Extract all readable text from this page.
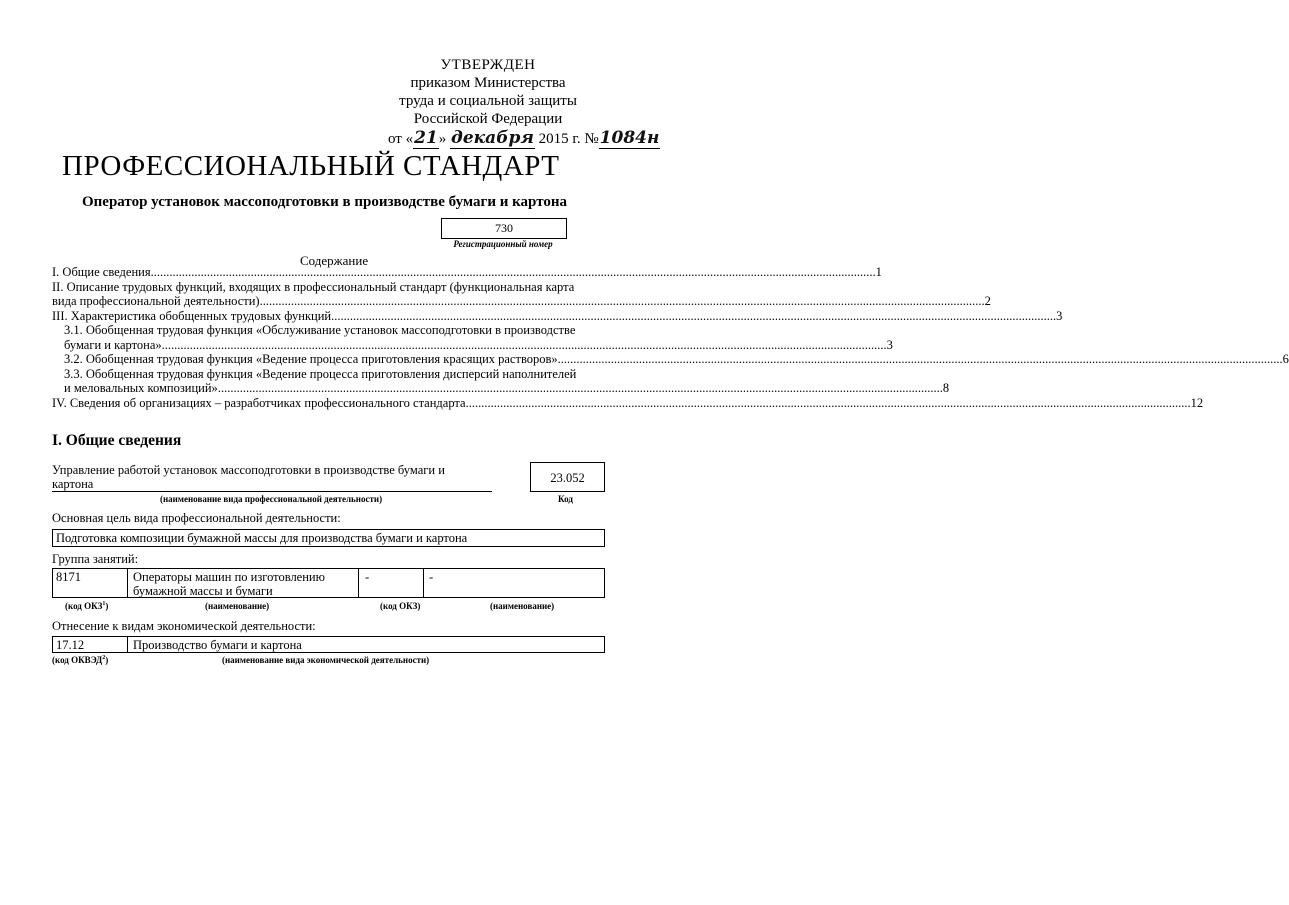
УТВЕРЖДЕН
приказом Министерства
труда и социальной защиты
Российской Федерации
от «21» декабря 2015 г. №1084н
ПРОФЕССИОНАЛЬНЫЙ СТАНДАРТ
Оператор установок массоподготовки в производстве бумаги и картона
730
Регистрационный номер
Содержание
I. Общие сведения .....	1
II. Описание трудовых функций, входящих в профессиональный стандарт (функциональная карта
вида профессиональной деятельности) .....	2
III. Характеристика обобщенных трудовых функций .....	3
3.1. Обобщенная трудовая функция «Обслуживание установок массоподготовки в производстве
бумаги и картона» .....	3
3.2. Обобщенная трудовая функция «Ведение процесса приготовления красящих растворов» .....	6
3.3. Обобщенная трудовая функция «Ведение процесса приготовления дисперсий наполнителей
и меловальных композиций» .....	8
IV. Сведения об организациях – разработчиках профессионального стандарта .....	12
I. Общие сведения
Управление работой установок массоподготовки в производстве бумаги и
картона	23.052
(наименование вида профессиональной деятельности)	Код
Основная цель вида профессиональной деятельности:
Подготовка композиции бумажной массы для производства бумаги и картона
Группа занятий:
8171	Операторы машин по изготовлению
бумажной массы и бумаги
-	-
(код ОКЗ$^1$)	(наименование)	(код ОКЗ)	(наименование)
Отнесение к видам экономической деятельности:
17.12	Производство бумаги и картона
(код ОКВЭД$^2$)	(наименование вида экономической деятельности)
